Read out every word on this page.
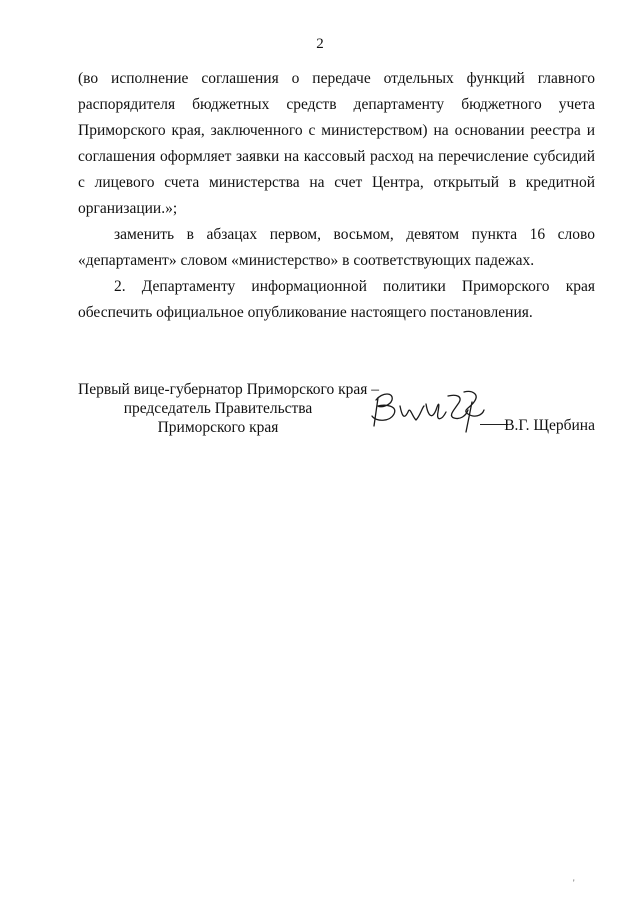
2

(во исполнение соглашения о передаче отдельных функций главного распорядителя бюджетных средств департаменту бюджетного учета Приморского края, заключенного с министерством) на основании реестра и соглашения оформляет заявки на кассовый расход на перечисление субсидий с лицевого счета министерства на счет Центра, открытый в кредитной организации.»;

заменить в абзацах первом, восьмом, девятом пункта 16 слово «департамент» словом «министерство» в соответствующих падежах.

2. Департаменту информационной политики Приморского края обеспечить официальное опубликование настоящего постановления.

Первый вице-губернатор Приморского края –
председатель Правительства
Приморского края	В.Г. Щербина
'
